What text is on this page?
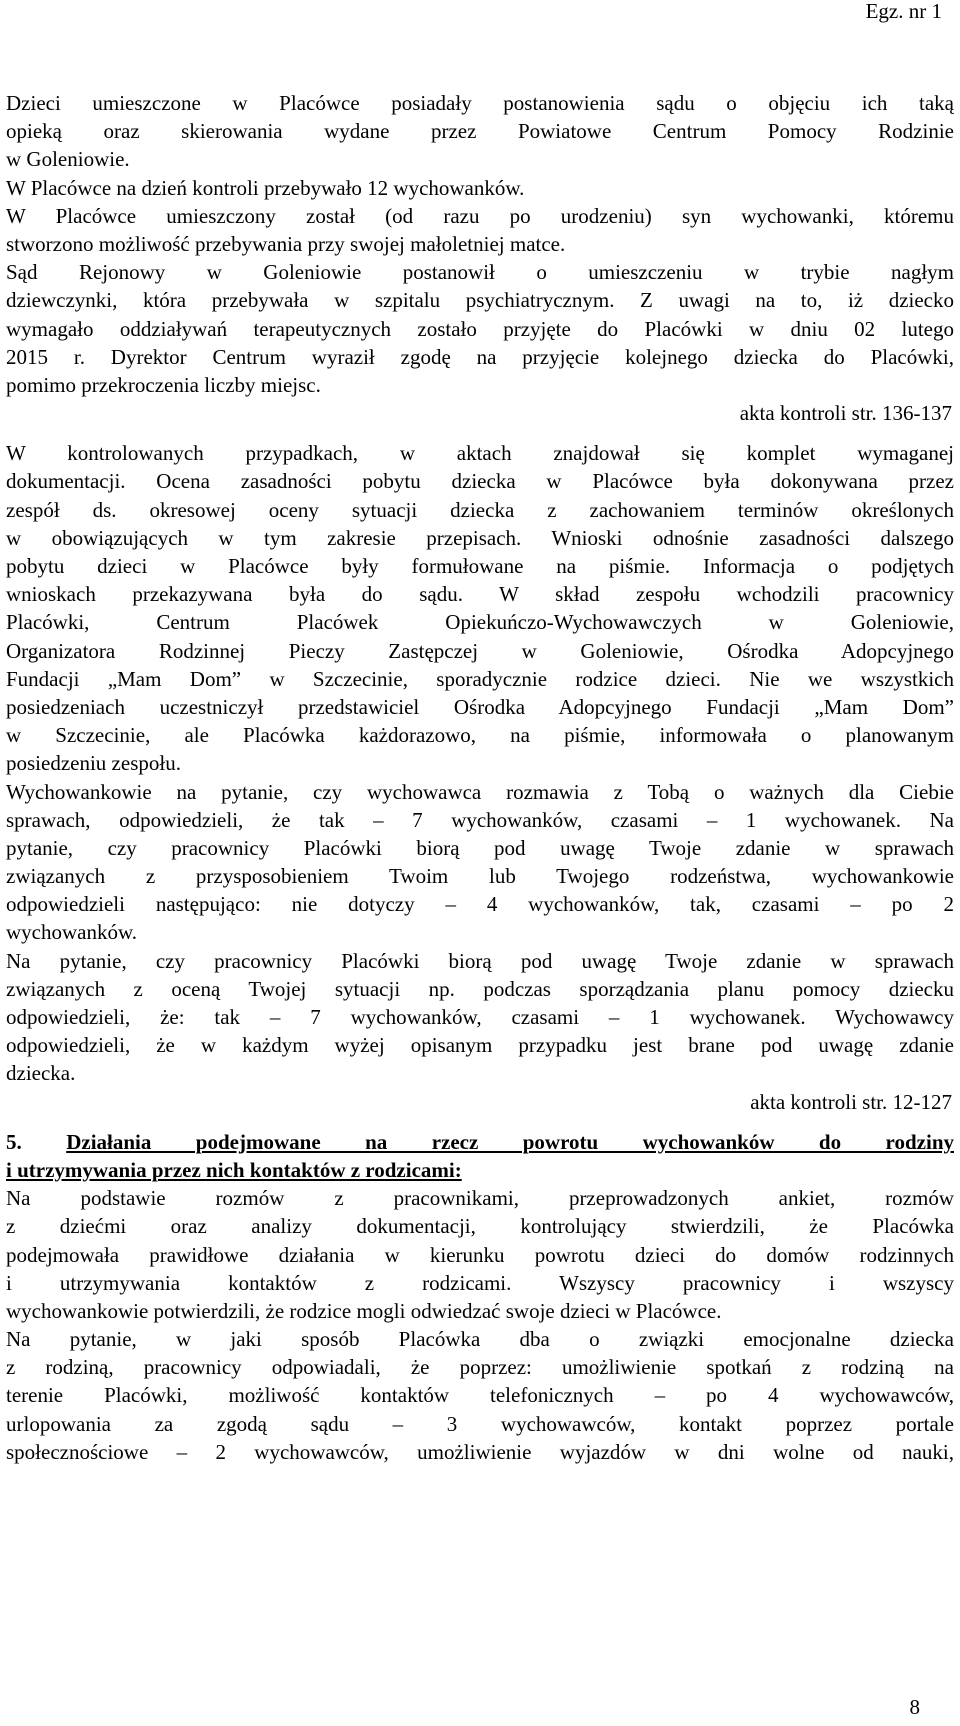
Egz. nr 1
Dzieci umieszczone w Placówce posiadały postanowienia sądu o objęciu ich taką
opieką oraz skierowania wydane przez Powiatowe Centrum Pomocy Rodzinie
w Goleniowie.
W Placówce na dzień kontroli przebywało 12 wychowanków.
W Placówce umieszczony został (od razu po urodzeniu) syn wychowanki, któremu
stworzono możliwość przebywania przy swojej małoletniej matce.
Sąd Rejonowy w Goleniowie postanowił o umieszczeniu w trybie nagłym
dziewczynki, która przebywała w szpitalu psychiatrycznym. Z uwagi na to, iż dziecko
wymagało oddziaływań terapeutycznych zostało przyjęte do Placówki w dniu 02 lutego
2015 r. Dyrektor Centrum wyraził zgodę na przyjęcie kolejnego dziecka do Placówki,
pomimo przekroczenia liczby miejsc.
akta kontroli str. 136-137
W kontrolowanych przypadkach, w aktach znajdował się komplet wymaganej
dokumentacji. Ocena zasadności pobytu dziecka w Placówce była dokonywana przez
zespół ds. okresowej oceny sytuacji dziecka z zachowaniem terminów określonych
w obowiązujących w tym zakresie przepisach. Wnioski odnośnie zasadności dalszego
pobytu dzieci w Placówce były formułowane na piśmie. Informacja o podjętych
wnioskach przekazywana była do sądu. W skład zespołu wchodzili pracownicy
Placówki, Centrum Placówek Opiekuńczo-Wychowawczych w Goleniowie,
Organizatora Rodzinnej Pieczy Zastępczej w Goleniowie, Ośrodka Adopcyjnego
Fundacji „Mam Dom” w Szczecinie, sporadycznie rodzice dzieci. Nie we wszystkich
posiedzeniach uczestniczył przedstawiciel Ośrodka Adopcyjnego Fundacji „Mam Dom”
w Szczecinie, ale Placówka każdorazowo, na piśmie, informowała o planowanym
posiedzeniu zespołu.
Wychowankowie na pytanie, czy wychowawca rozmawia z Tobą o ważnych dla Ciebie
sprawach, odpowiedzieli, że tak – 7 wychowanków, czasami – 1 wychowanek. Na
pytanie, czy pracownicy Placówki biorą pod uwagę Twoje zdanie w sprawach
związanych z przysposobieniem Twoim lub Twojego rodzeństwa, wychowankowie
odpowiedzieli następująco: nie dotyczy – 4 wychowanków, tak, czasami – po 2
wychowanków.
Na pytanie, czy pracownicy Placówki biorą pod uwagę Twoje zdanie w sprawach
związanych z oceną Twojej sytuacji np. podczas sporządzania planu pomocy dziecku
odpowiedzieli, że: tak – 7 wychowanków, czasami – 1 wychowanek. Wychowawcy
odpowiedzieli, że w każdym wyżej opisanym przypadku jest brane pod uwagę zdanie
dziecka.
akta kontroli str. 12-127
5. Działania podejmowane na rzecz powrotu wychowanków do rodziny
i utrzymywania przez nich kontaktów z rodzicami:
Na podstawie rozmów z pracownikami, przeprowadzonych ankiet, rozmów
z dziećmi oraz analizy dokumentacji, kontrolujący stwierdzili, że Placówka
podejmowała prawidłowe działania w kierunku powrotu dzieci do domów rodzinnych
i utrzymywania kontaktów z rodzicami. Wszyscy pracownicy i wszyscy
wychowankowie potwierdzili, że rodzice mogli odwiedzać swoje dzieci w Placówce.
Na pytanie, w jaki sposób Placówka dba o związki emocjonalne dziecka
z rodziną, pracownicy odpowiadali, że poprzez: umożliwienie spotkań z rodziną na
terenie Placówki, możliwość kontaktów telefonicznych – po 4 wychowawców,
urlopowania za zgodą sądu – 3 wychowawców, kontakt poprzez portale
społecznościowe – 2 wychowawców, umożliwienie wyjazdów w dni wolne od nauki,
8
